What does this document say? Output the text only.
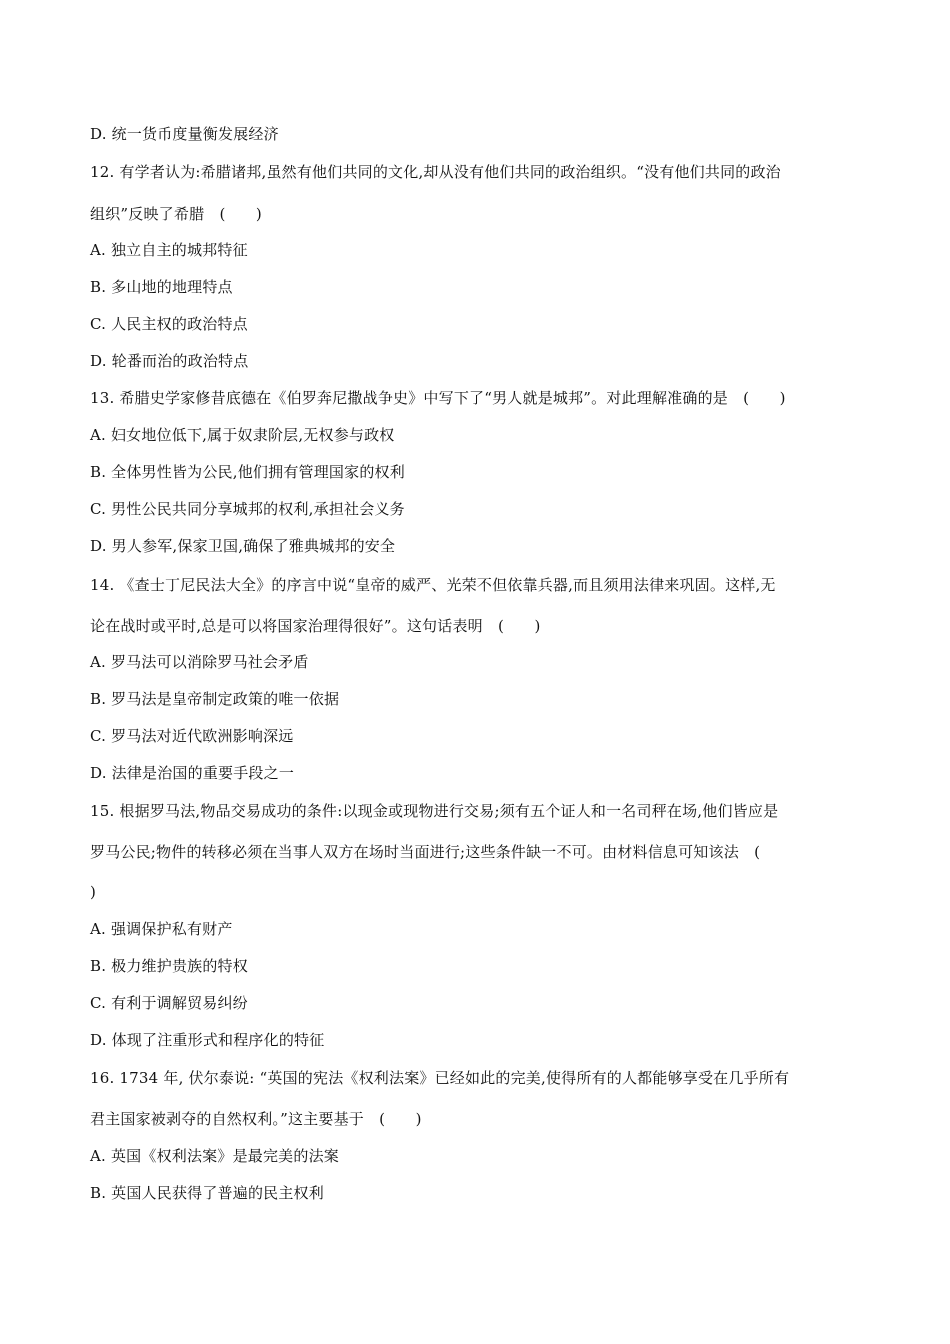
D. 统一货币度量衡发展经济
12. 有学者认为:希腊诸邦,虽然有他们共同的文化,却从没有他们共同的政治组织。“没有他们共同的政治
组织”反映了希腊　(　　)
A. 独立自主的城邦特征
B. 多山地的地理特点
C. 人民主权的政治特点
D. 轮番而治的政治特点
13. 希腊史学家修昔底德在《伯罗奔尼撒战争史》中写下了“男人就是城邦”。对此理解准确的是　(　　)
A. 妇女地位低下,属于奴隶阶层,无权参与政权
B. 全体男性皆为公民,他们拥有管理国家的权利
C. 男性公民共同分享城邦的权利,承担社会义务
D. 男人参军,保家卫国,确保了雅典城邦的安全
14. 《查士丁尼民法大全》的序言中说“皇帝的威严、光荣不但依靠兵器,而且须用法律来巩固。这样,无
论在战时或平时,总是可以将国家治理得很好”。这句话表明　(　　)
A. 罗马法可以消除罗马社会矛盾
B. 罗马法是皇帝制定政策的唯一依据
C. 罗马法对近代欧洲影响深远
D. 法律是治国的重要手段之一
15. 根据罗马法,物品交易成功的条件:以现金或现物进行交易;须有五个证人和一名司秤在场,他们皆应是
罗马公民;物件的转移必须在当事人双方在场时当面进行;这些条件缺一不可。由材料信息可知该法　(
)
A. 强调保护私有财产
B. 极力维护贵族的特权
C. 有利于调解贸易纠纷
D. 体现了注重形式和程序化的特征
16. 1734 年, 伏尔泰说: “英国的宪法《权利法案》已经如此的完美,使得所有的人都能够享受在几乎所有
君主国家被剥夺的自然权利。”这主要基于　(　　)
A. 英国《权利法案》是最完美的法案
B. 英国人民获得了普遍的民主权利
